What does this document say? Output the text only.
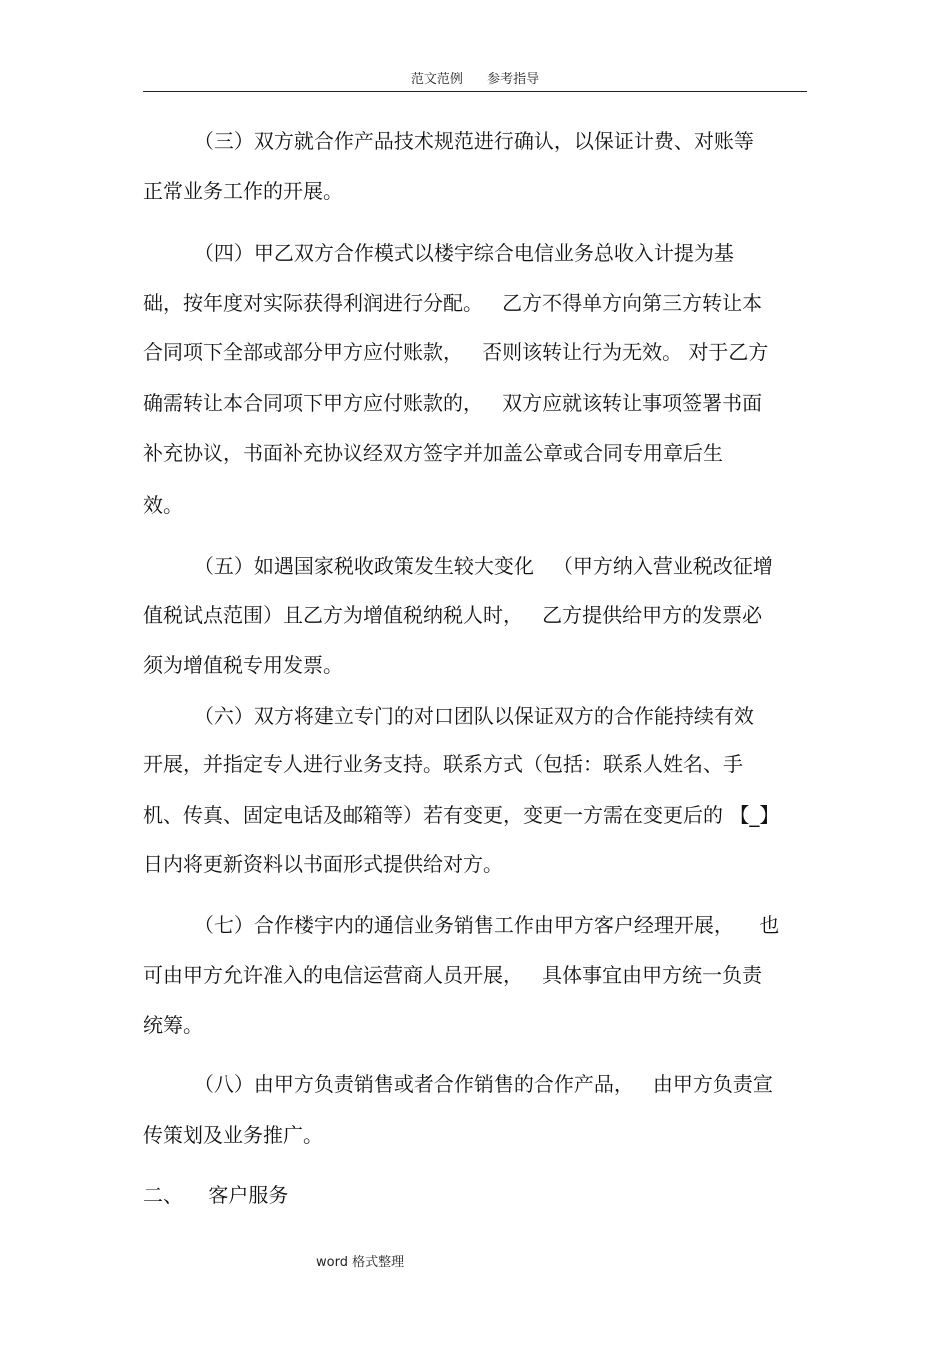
范文范例 参考指导
（三）双方就合作产品技术规范进行确认，以保证计费、对账等
正常业务工作的开展。
（四）甲乙双方合作模式以楼宇综合电信业务总收入计提为基
础，按年度对实际获得利润进行分配。   乙方不得单方向第三方转让本
合同项下全部或部分甲方应付账款，   否则该转让行为无效。 对于乙方
确需转让本合同项下甲方应付账款的，   双方应就该转让事项签署书面
补充协议，书面补充协议经双方签字并加盖公章或合同专用章后生
效。
（五）如遇国家税收政策发生较大变化   （甲方纳入营业税改征增
值税试点范围）且乙方为增值税纳税人时，   乙方提供给甲方的发票必
须为增值税专用发票。
（六）双方将建立专门的对口团队以保证双方的合作能持续有效
开展，并指定专人进行业务支持。联系方式（包括：联系人姓名、手
机、传真、固定电话及邮箱等）若有变更，变更一方需在变更后的 【_】
日内将更新资料以书面形式提供给对方。
（七）合作楼宇内的通信业务销售工作由甲方客户经理开展，    也
可由甲方允许准入的电信运营商人员开展，   具体事宜由甲方统一负责
统筹。
（八）由甲方负责销售或者合作销售的合作产品，   由甲方负责宣
传策划及业务推广。
二、    客户服务
word 格式整理
